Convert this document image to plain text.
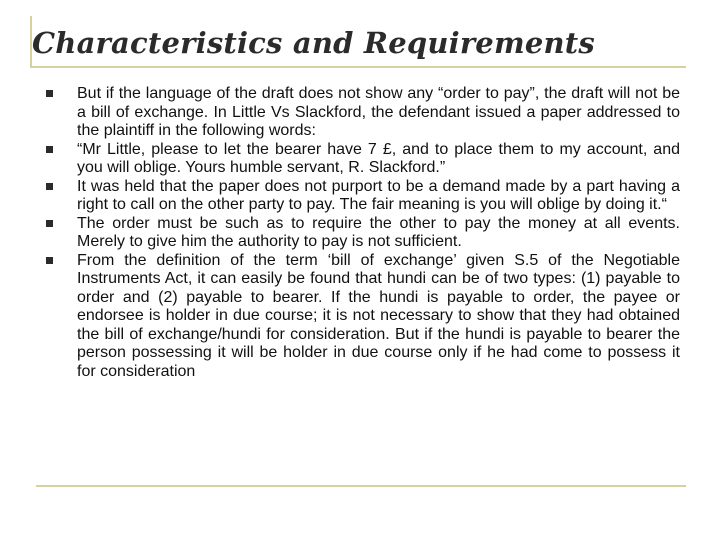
Characteristics and Requirements
But if the language of the draft does not show any “order to pay”, the draft will not be a bill of exchange. In Little Vs Slackford, the defendant issued a paper addressed to the plaintiff in the following words:
“Mr Little, please to let the bearer have 7 £, and to place them to my account, and you will oblige. Yours humble servant, R. Slackford.”
It was held that the paper does not purport to be a demand made by a part having a right to call on the other party to pay. The fair meaning is you will oblige by doing it.“
The order must be such as to require the other to pay the money at all events. Merely to give him the authority to pay is not sufficient.
From the definition of the term ‘bill of exchange’ given S.5 of the Negotiable Instruments Act, it can easily be found that hundi can be of two types: (1) payable to order and (2) payable to bearer. If the hundi is payable to order, the payee or endorsee is holder in due course; it is not necessary to show that they had obtained the bill of exchange/hundi for consideration. But if the hundi is payable to bearer the person possessing it will be holder in due course only if he had come to possess it for consideration
